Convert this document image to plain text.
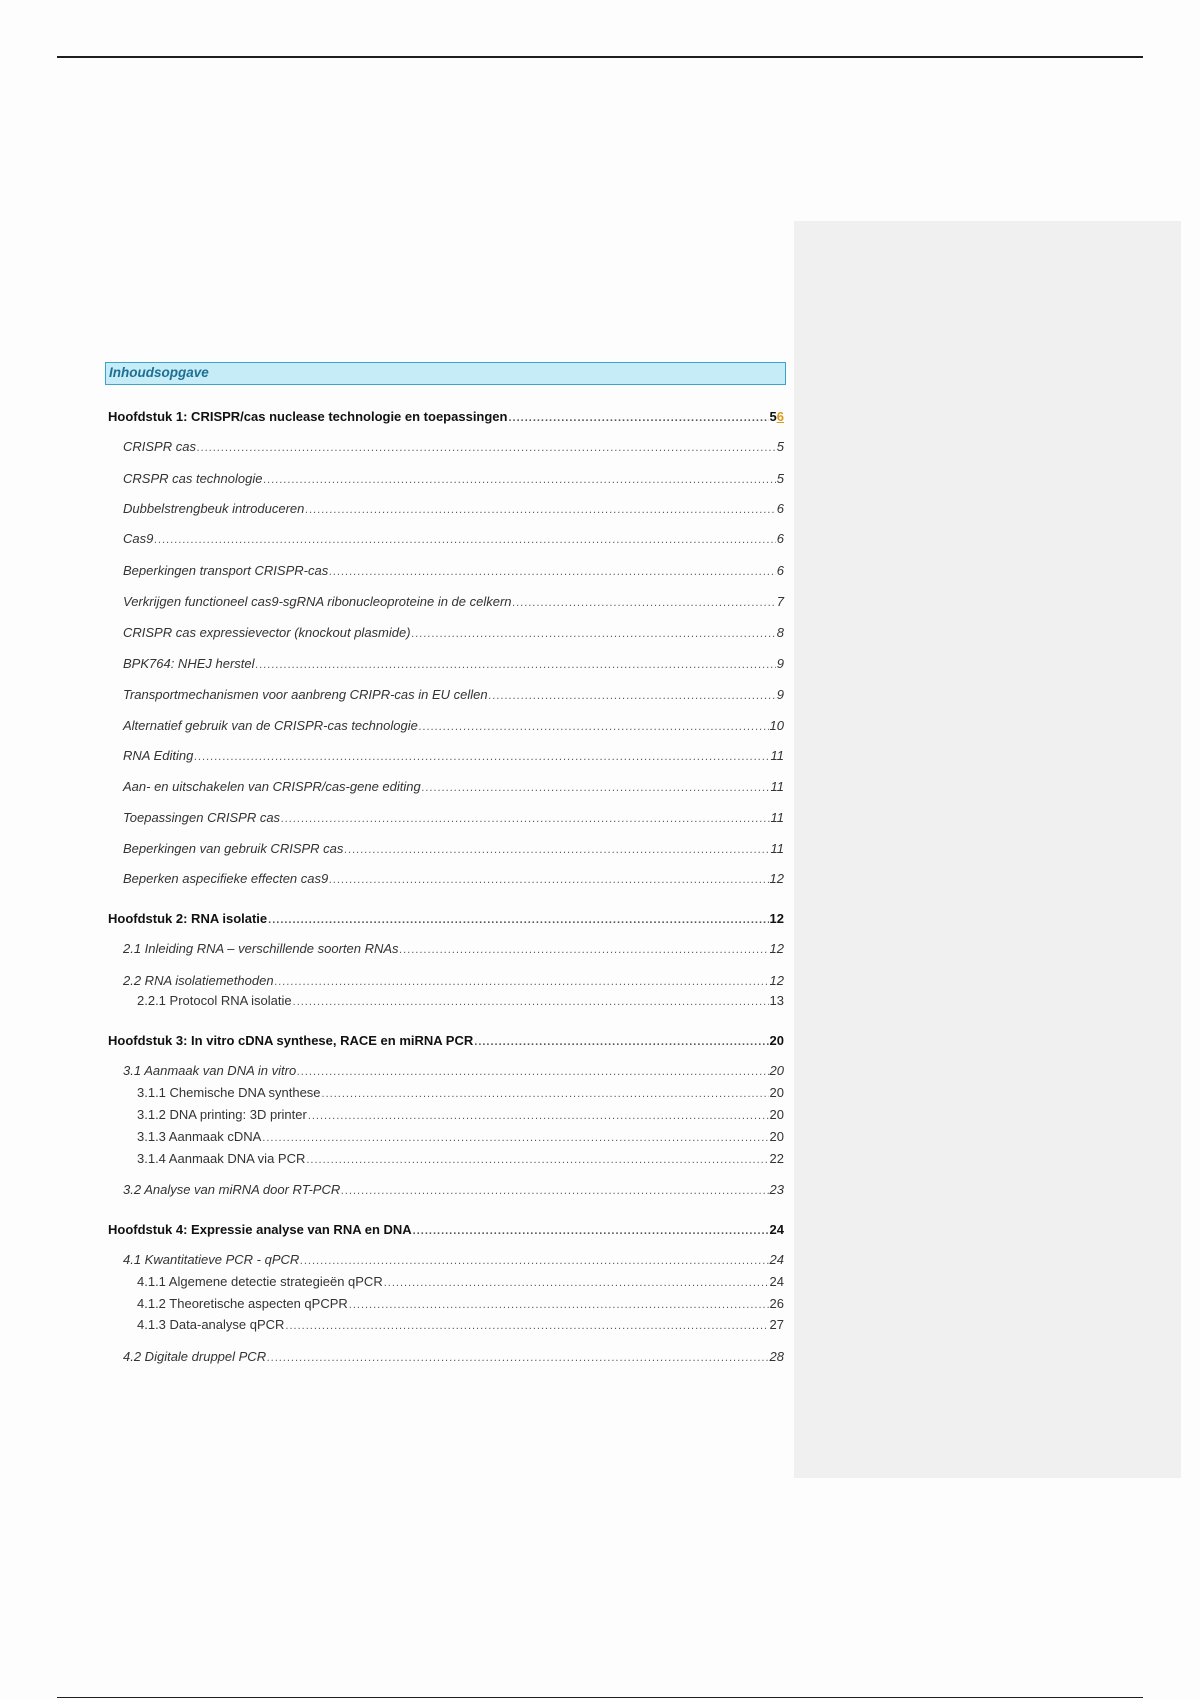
Inhoudsopgave
Hoofdstuk 1: CRISPR/cas nuclease technologie en toepassingen .....	56
CRISPR cas .....	5
CRSPR cas technologie .....	5
Dubbelstrengbeuk introduceren .....	6
Cas9 .....	6
Beperkingen transport CRISPR-cas .....	6
Verkrijgen functioneel cas9-sgRNA ribonucleoproteine in de celkern .....	7
CRISPR cas expressievector (knockout plasmide) .....	8
BPK764: NHEJ herstel .....	9
Transportmechanismen voor aanbreng CRIPR-cas in EU cellen .....	9
Alternatief gebruik van de CRISPR-cas technologie .....	10
RNA Editing .....	11
Aan- en uitschakelen van CRISPR/cas-gene editing .....	11
Toepassingen CRISPR cas .....	11
Beperkingen van gebruik CRISPR cas .....	11
Beperken aspecifieke effecten cas9 .....	12
Hoofdstuk 2: RNA isolatie .....	12
2.1 Inleiding RNA – verschillende soorten RNAs .....	12
2.2 RNA isolatiemethoden .....	12
2.2.1 Protocol RNA isolatie .....	13
Hoofdstuk 3: In vitro cDNA synthese, RACE en miRNA PCR .....	20
3.1 Aanmaak van DNA in vitro .....	20
3.1.1 Chemische DNA synthese .....	20
3.1.2 DNA printing: 3D printer .....	20
3.1.3 Aanmaak cDNA .....	20
3.1.4 Aanmaak DNA via PCR .....	22
3.2 Analyse van miRNA door RT-PCR .....	23
Hoofdstuk 4: Expressie analyse van RNA en DNA .....	24
4.1 Kwantitatieve PCR - qPCR .....	24
4.1.1 Algemene detectie strategieën qPCR .....	24
4.1.2 Theoretische aspecten qPCPR .....	26
4.1.3 Data-analyse qPCR .....	27
4.2 Digitale druppel PCR .....	28
